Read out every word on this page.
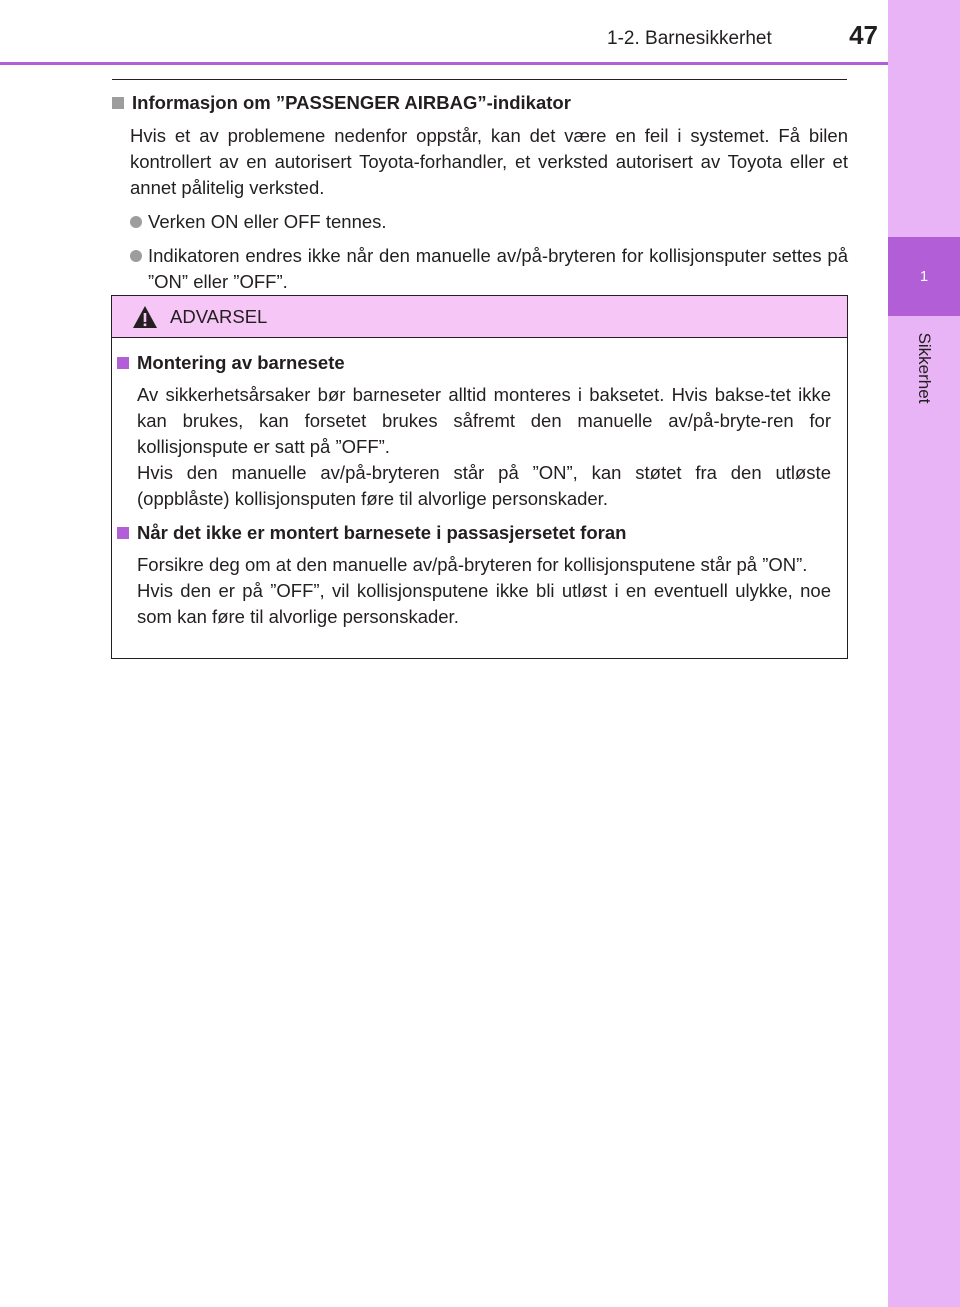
1
Sikkerhet
1-2. Barnesikkerhet	47
Informasjon om ”PASSENGER AIRBAG”-indikator
Hvis et av problemene nedenfor oppstår, kan det være en feil i systemet. Få bilen kontrollert av en autorisert Toyota-forhandler, et verksted autorisert av Toyota eller et annet pålitelig verksted.
Verken ON eller OFF tennes.
Indikatoren endres ikke når den manuelle av/på-bryteren for kollisjonsputer settes på ”ON” eller ”OFF”.
ADVARSEL
Montering av barnesete
Av sikkerhetsårsaker bør barneseter alltid monteres i baksetet. Hvis bakse-tet ikke kan brukes, kan forsetet brukes såfremt den manuelle av/på-bryte-ren for kollisjonspute er satt på ”OFF”.
Hvis den manuelle av/på-bryteren står på ”ON”, kan støtet fra den utløste (oppblåste) kollisjonsputen føre til alvorlige personskader.
Når det ikke er montert barnesete i passasjersetet foran
Forsikre deg om at den manuelle av/på-bryteren for kollisjonsputene står på ”ON”.
Hvis den er på ”OFF”, vil kollisjonsputene ikke bli utløst i en eventuell ulykke, noe som kan føre til alvorlige personskader.
